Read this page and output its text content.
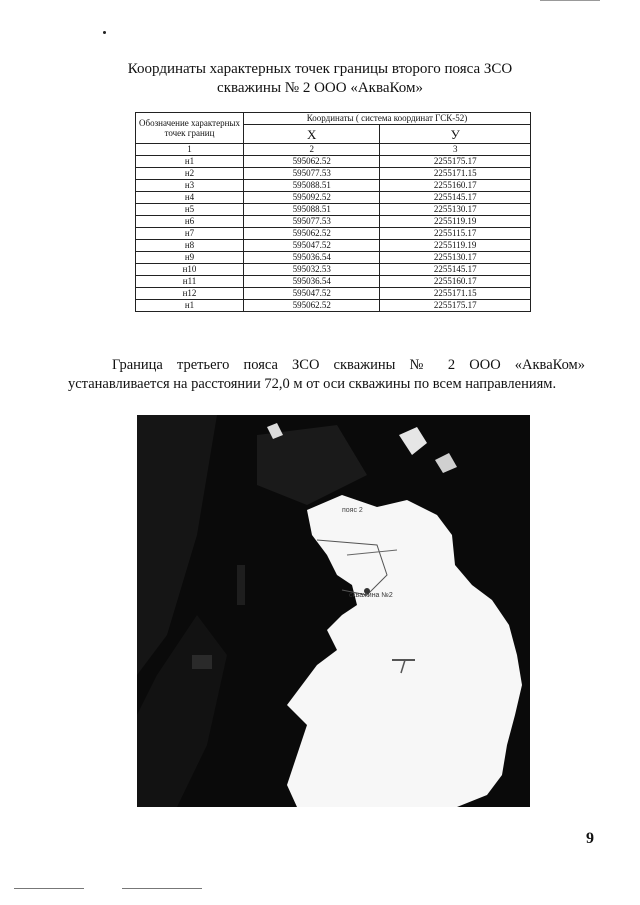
Координаты характерных точек границы второго пояса ЗСО
скважины № 2 ООО «АкваКом»
Обозначение характерных точек границ	Координаты ( система координат ГСК-52)	
	X	У
1	2	3
н1	595062.52	2255175.17
н2	595077.53	2255171.15
н3	595088.51	2255160.17
н4	595092.52	2255145.17
н5	595088.51	2255130.17
н6	595077.53	2255119.19
н7	595062.52	2255115.17
н8	595047.52	2255119.19
н9	595036.54	2255130.17
н10	595032.53	2255145.17
н11	595036.54	2255160.17
н12	595047.52	2255171.15
н1	595062.52	2255175.17
Граница третьего пояса ЗСО скважины № 2 ООО «АкваКом»
устанавливается на расстоянии 72,0 м от оси скважины по всем направлениям.
пояс 2
скважина №2
9
